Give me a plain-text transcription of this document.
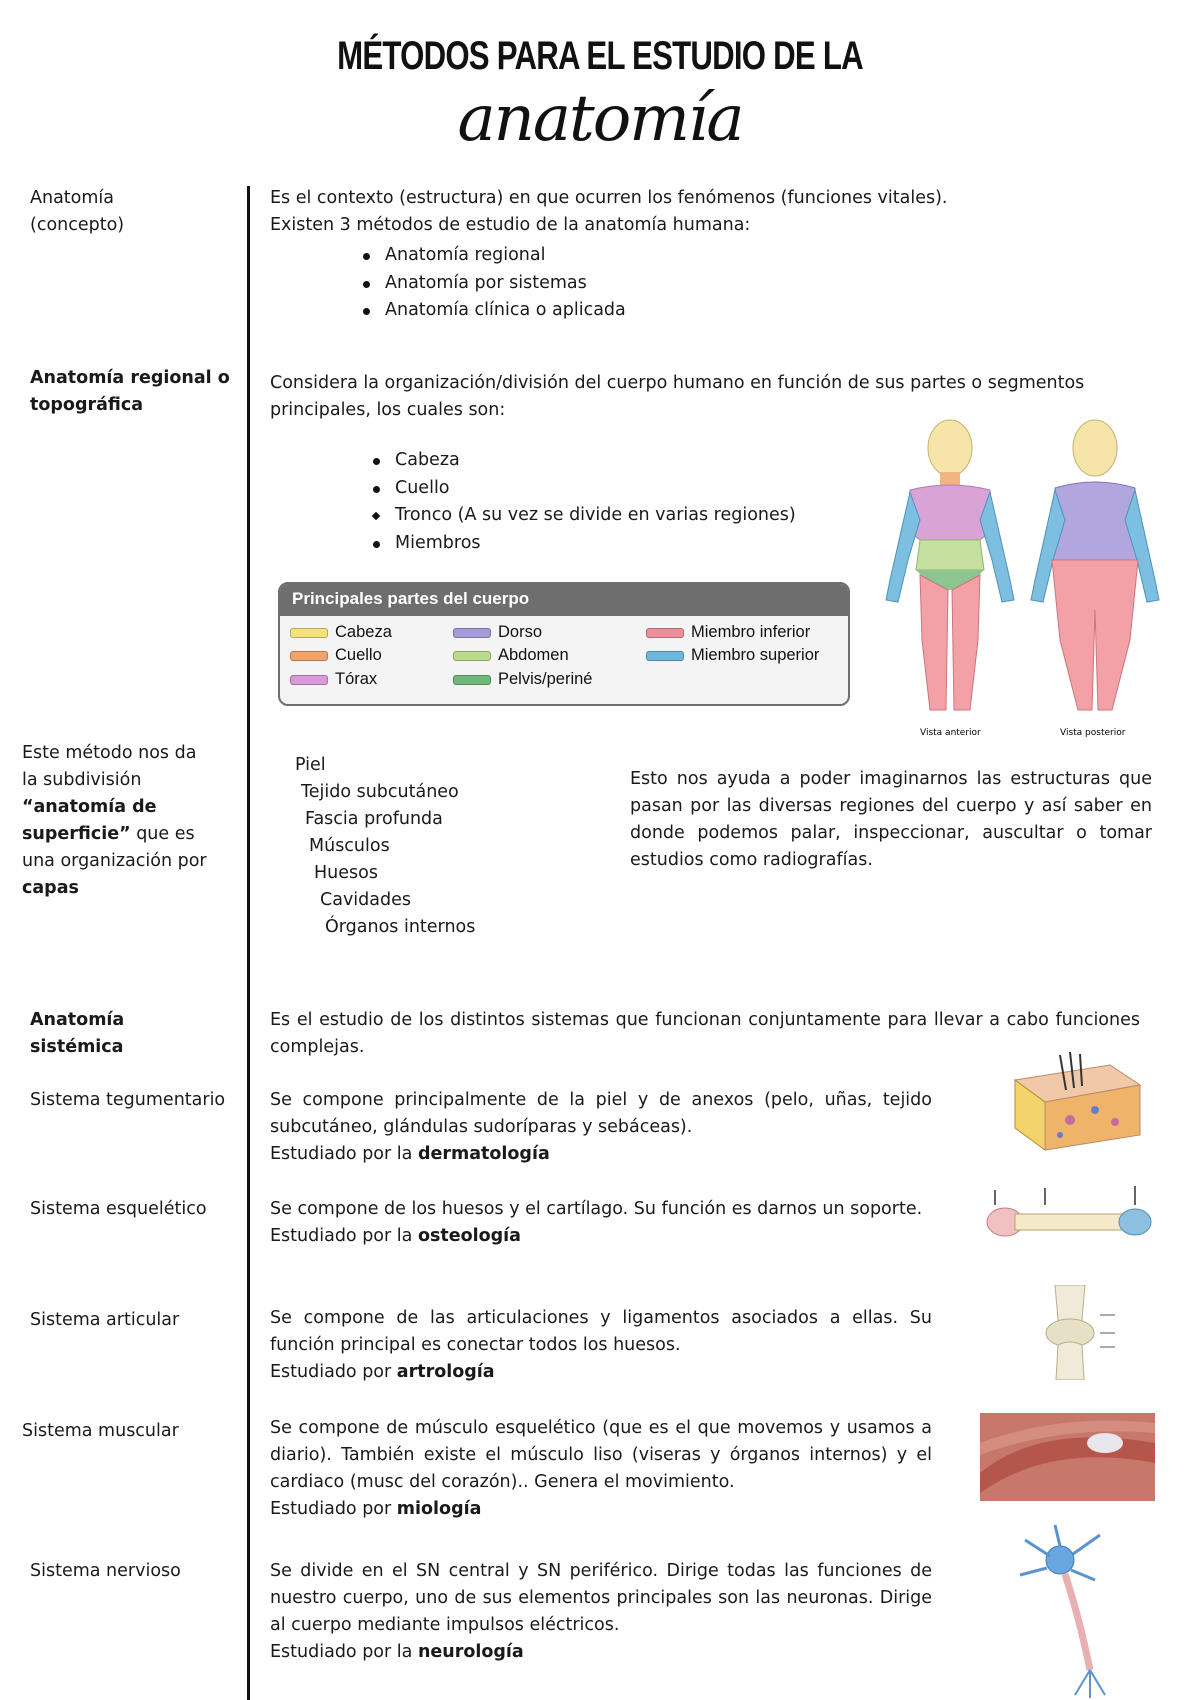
MÉTODOS PARA EL ESTUDIO DE LA
anatomía
Anatomía (concepto)
Es el contexto (estructura) en que ocurren los fenómenos (funciones vitales).
Existen 3 métodos de estudio de la anatomía humana:
Anatomía regional
Anatomía por sistemas
Anatomía clínica o aplicada
Anatomía regional o topográfica
Considera la organización/división del cuerpo humano en función de sus partes o segmentos principales, los cuales son:
Cabeza
Cuello
Tronco (A su vez se divide en varias regiones)
Miembros
Principales partes del cuerpo
Cabeza
Cuello
Tórax
Dorso
Abdomen
Pelvis/periné
Miembro inferior
Miembro superior
Vista anterior	Vista posterior
Este método nos da la subdivisión “anatomía de superficie” que es una organización por capas
Piel
Tejido subcutáneo
Fascia profunda
Músculos
Huesos
Cavidades
Órganos internos
Esto nos ayuda a poder imaginarnos las estructuras que pasan por las diversas regiones del cuerpo y así saber en donde podemos palar, inspeccionar, auscultar o tomar estudios como radiografías.
Anatomía sistémica
Es el estudio de los distintos sistemas que funcionan conjuntamente para llevar a cabo funciones complejas.
Sistema tegumentario	Se compone principalmente de la piel y de anexos (pelo, uñas, tejido subcutáneo, glándulas sudoríparas y sebáceas).
Estudiado por la dermatología
Sistema esquelético	Se compone de los huesos y el cartílago. Su función es darnos un soporte.
Estudiado por la osteología
Sistema articular	Se compone de las articulaciones y ligamentos asociados a ellas. Su función principal es conectar todos los huesos.
Estudiado por artrología
Sistema muscular	Se compone de músculo esquelético (que es el que movemos y usamos a diario). También existe el músculo liso (viseras y órganos internos) y el cardiaco (musc del corazón).. Genera el movimiento.
Estudiado por miología
Sistema nervioso	Se divide en el SN central y SN periférico. Dirige todas las funciones de nuestro cuerpo, uno de sus elementos principales son las neuronas. Dirige al cuerpo mediante impulsos eléctricos.
Estudiado por la neurología
